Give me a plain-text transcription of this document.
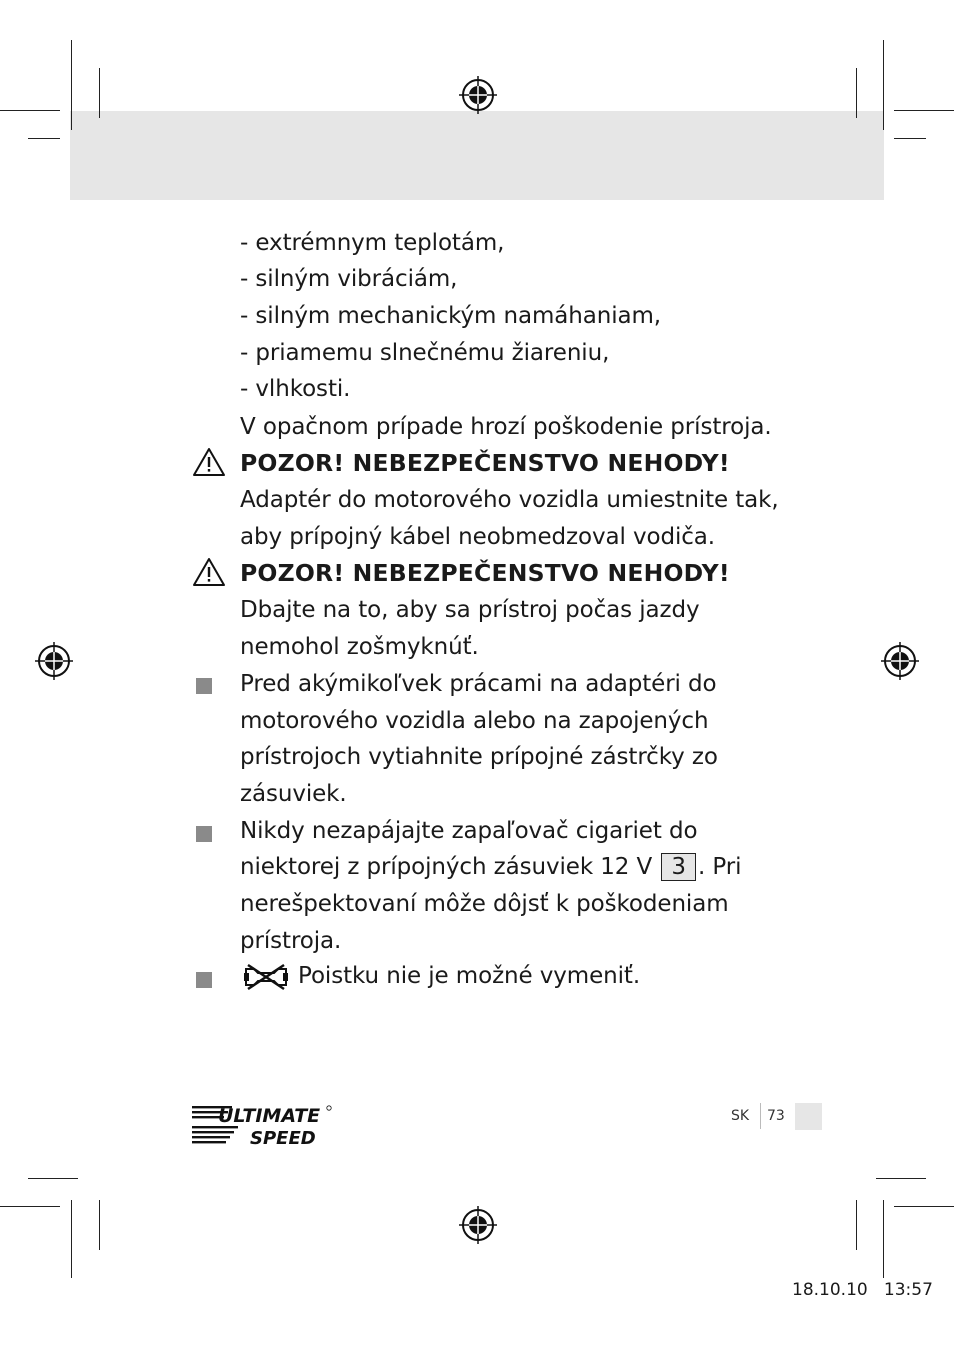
- extrémnym teplotám,
- silným vibráciám,
- silným mechanickým namáhaniam,
- priamemu slnečnému žiareniu,
- vlhkosti.
V opačnom prípade hrozí poškodenie prístroja.
POZOR! NEBEZPEČENSTVO NEHODY!
Adaptér do motorového vozidla umiestnite tak,
aby prípojný kábel neobmedzoval vodiča.
POZOR! NEBEZPEČENSTVO NEHODY!
Dbajte na to, aby sa prístroj počas jazdy
nemohol zošmyknúť.
Pred akýmikoľvek prácami na adaptéri do
motorového vozidla alebo na zapojených
prístrojoch vytiahnite prípojné zástrčky zo
zásuviek.
Nikdy nezapájajte zapaľovač cigariet do
niektorej z prípojných zásuviek 12 V 3 . Pri
nerešpektovaní môže dôjsť k poškodeniam
prístroja.
Poistku nie je možné vymeniť.
ULTIMATE
SPEED
SK 73
18.10.10   13:57
